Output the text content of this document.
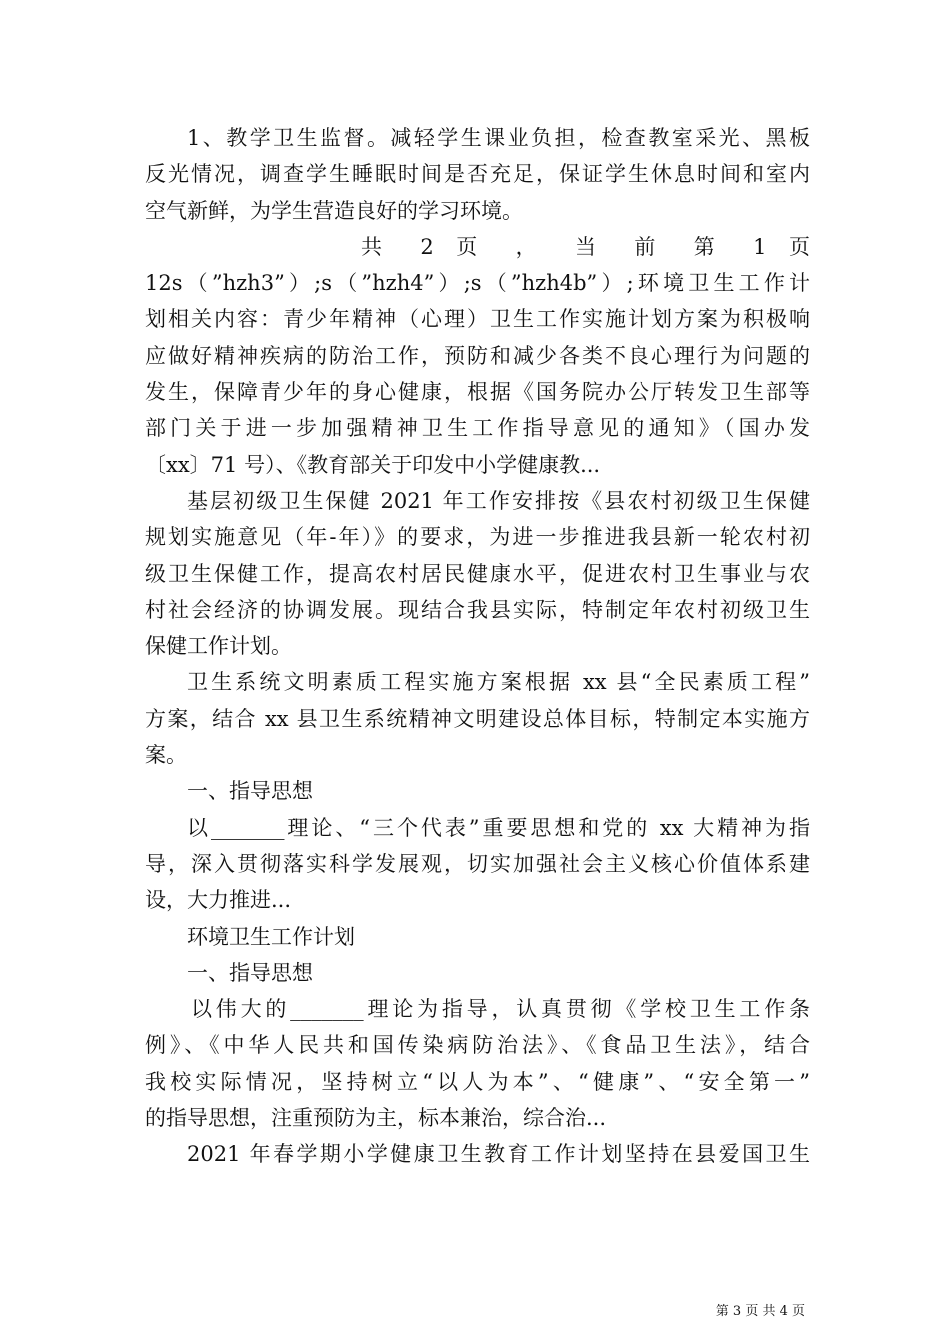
1、教学卫生监督。减轻学生课业负担，检查教室采光、黑板
反光情况，调查学生睡眠时间是否充足，保证学生休息时间和室内
空气新鲜，为学生营造良好的学习环境。
共 2 页 ， 当 前 第 1 页
12s（”hzh3”）;s（”hzh4”）;s（”hzh4b”）;环境卫生工作计
划相关内容：青少年精神（心理）卫生工作实施计划方案为积极响
应做好精神疾病的防治工作，预防和减少各类不良心理行为问题的
发生，保障青少年的身心健康，根据《国务院办公厅转发卫生部等
部门关于进一步加强精神卫生工作指导意见的通知》（国办发
〔xx〕71 号）、《教育部关于印发中小学健康教...
基层初级卫生保健 2021 年工作安排按《县农村初级卫生保健
规划实施意见（年-年）》的要求，为进一步推进我县新一轮农村初
级卫生保健工作，提高农村居民健康水平，促进农村卫生事业与农
村社会经济的协调发展。现结合我县实际，特制定年农村初级卫生
保健工作计划。
卫生系统文明素质工程实施方案根据 xx 县“全民素质工程”
方案，结合 xx 县卫生系统精神文明建设总体目标，特制定本实施方
案。
一、指导思想
以_______理论、“三个代表”重要思想和党的 xx 大精神为指
导，深入贯彻落实科学发展观，切实加强社会主义核心价值体系建
设，大力推进...
环境卫生工作计划
一、指导思想
以伟大的_______理论为指导，认真贯彻《学校卫生工作条
例》、《中华人民共和国传染病防治法》、《食品卫生法》，结合
我校实际情况，坚持树立“以人为本”、“健康”、“安全第一”
的指导思想，注重预防为主，标本兼治，综合治...
2021 年春学期小学健康卫生教育工作计划坚持在县爱国卫生
第 3 页 共 4 页
